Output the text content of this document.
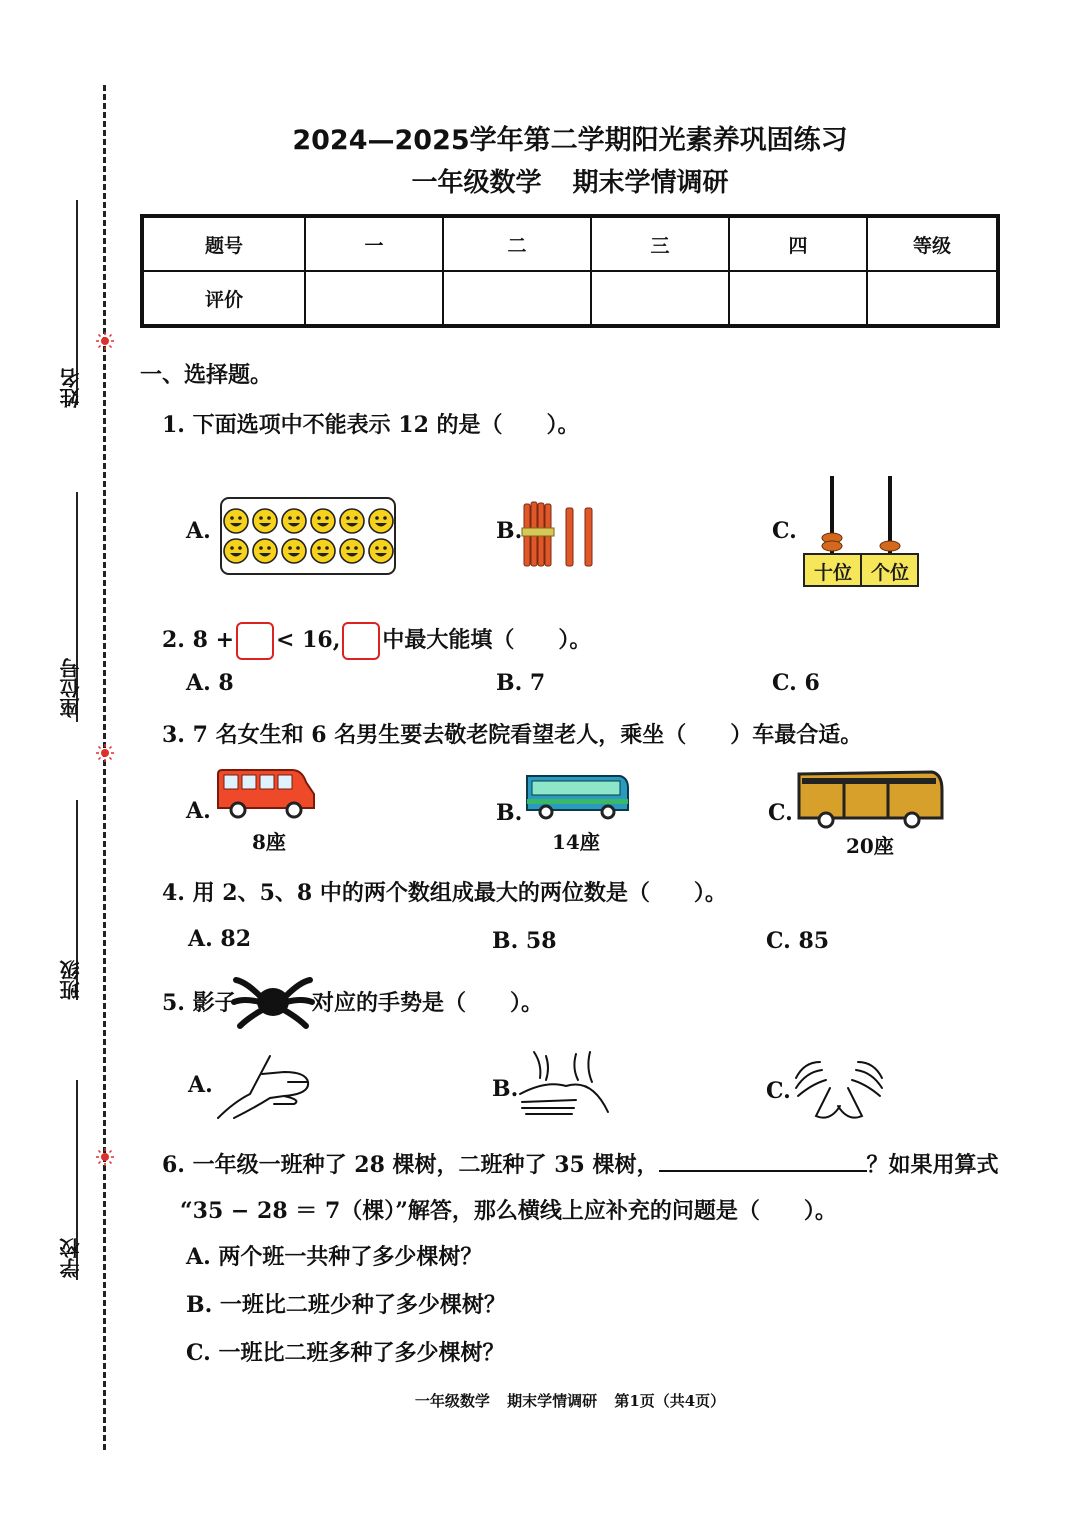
姓名
座位号
班级
学校
2024—2025学年第二学期阳光素养巩固练习
一年级数学 期末学情调研
题号	一	二	三	四	等级
评价					
一、选择题。
1. 下面选项中不能表示 12 的是（　　）。
A.	B.	C.
十位 个位
2. 8 + < 16, 中最大能填（　　）。
A. 8	B. 7	C. 6
3. 7 名女生和 6 名男生要去敬老院看望老人，乘坐（　　）车最合适。
A.
8座
B.
14座
C.
20座
4. 用 2、5、8 中的两个数组成最大的两位数是（　　）。
A. 82	B. 58	C. 85
5. 影子	对应的手势是（　　）。
A.	B.	C.
6. 一年级一班种了 28 棵树，二班种了 35 棵树，	？如果用算式
“35 − 28 ＝ 7（棵）”解答，那么横线上应补充的问题是（　　）。
A. 两个班一共种了多少棵树？
B. 一班比二班少种了多少棵树？
C. 一班比二班多种了多少棵树？
一年级数学 期末学情调研 第1页（共4页）
